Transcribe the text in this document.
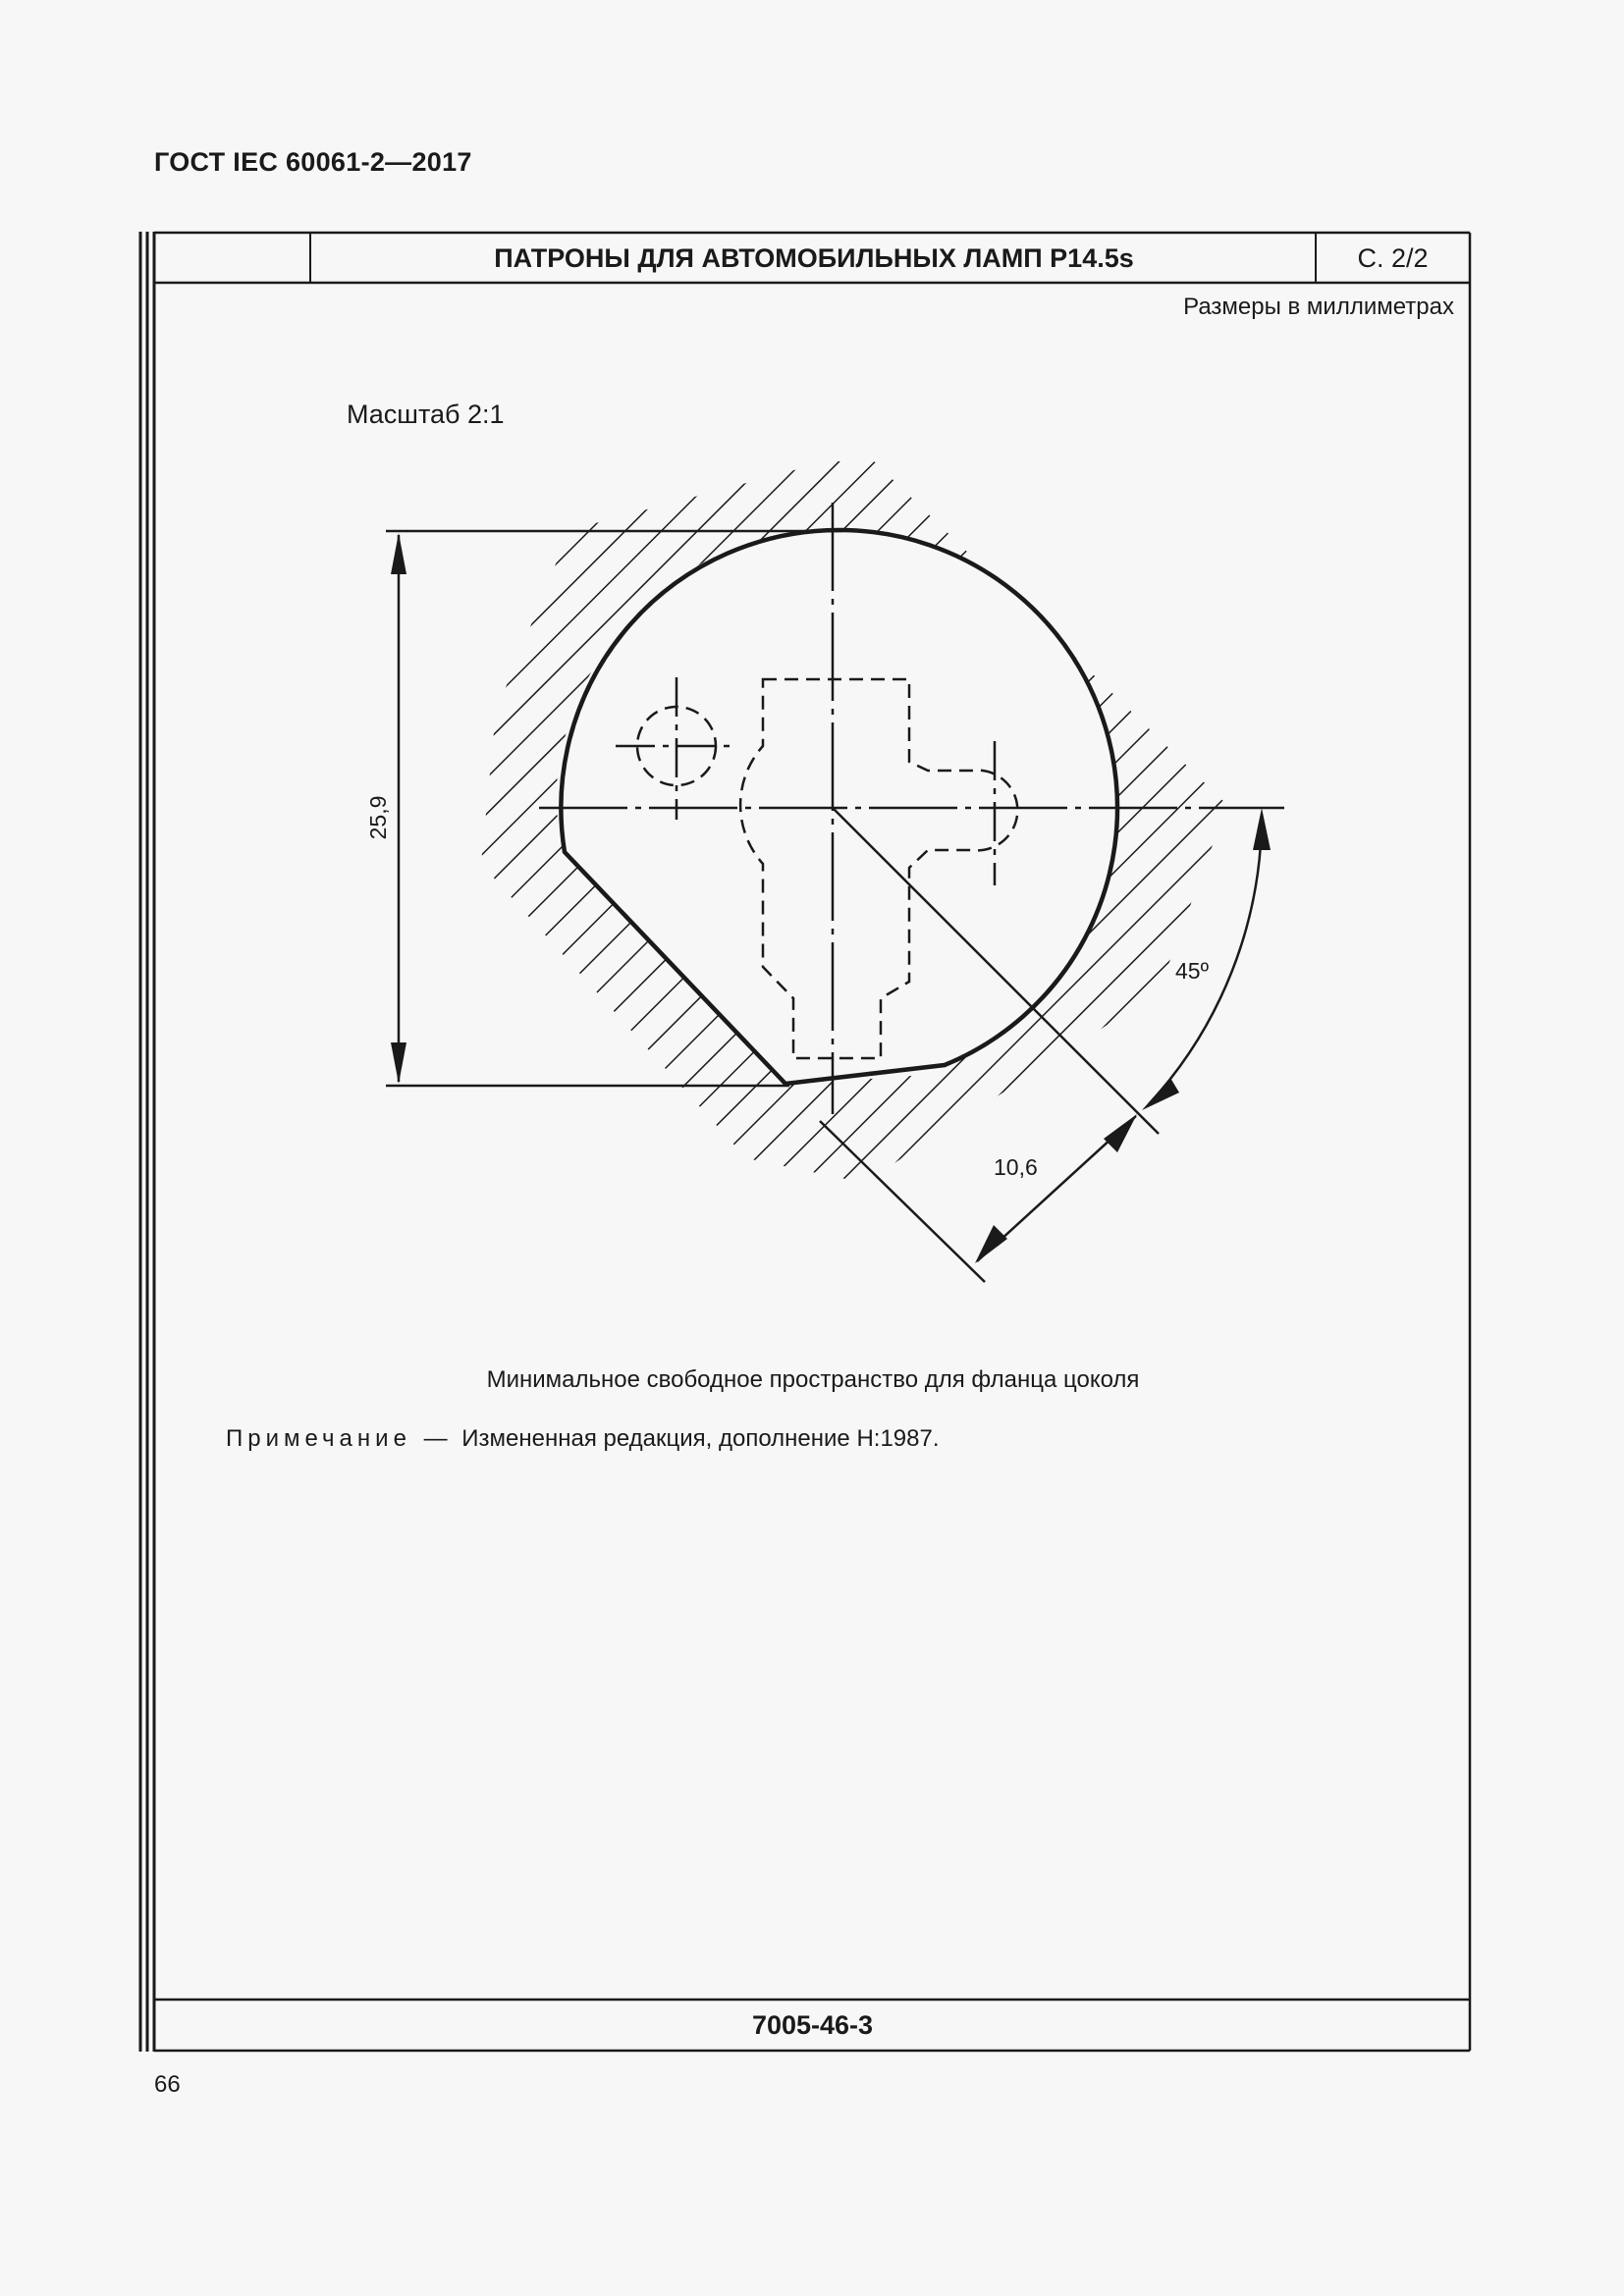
ГОСТ IEC 60061-2—2017
ПАТРОНЫ ДЛЯ АВТОМОБИЛЬНЫХ ЛАМП P14.5s	С. 2/2
Размеры в миллиметрах
Масштаб 2:1
25,9
45º
10,6
Минимальное свободное пространство для фланца цоколя
Примечание — Измененная редакция, дополнение H:1987.
7005-46-3
66
